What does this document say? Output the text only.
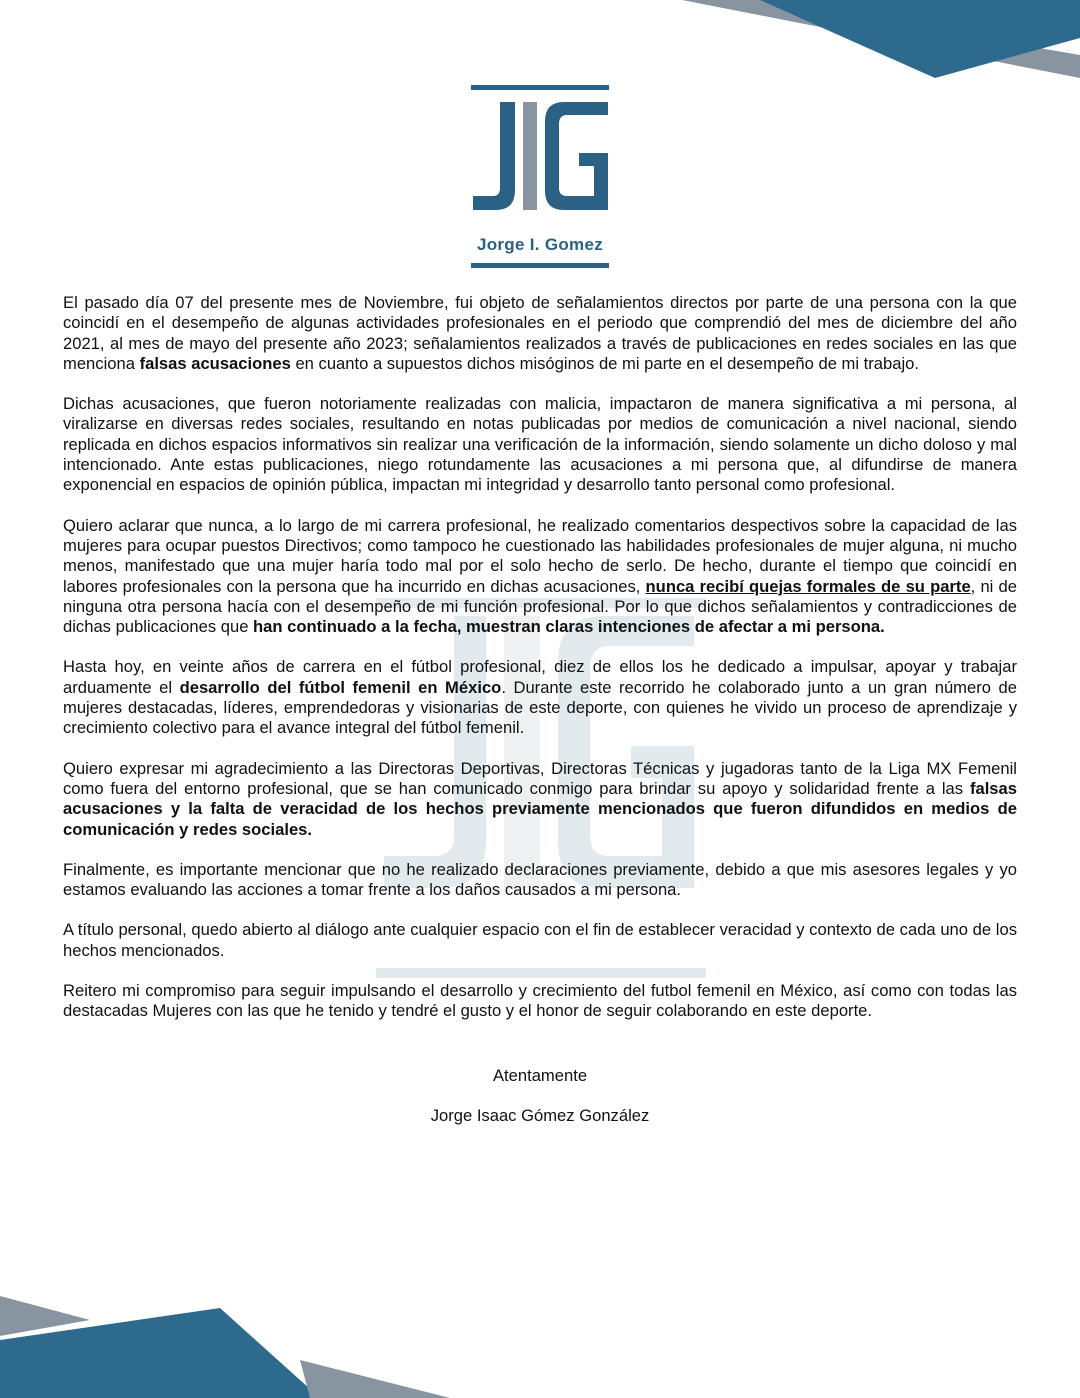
Jorge I. Gomez

El pasado día 07 del presente mes de Noviembre, fui objeto de señalamientos directos por parte de una persona con la que coincidí en el desempeño de algunas actividades profesionales en el periodo que comprendió del mes de diciembre del año 2021, al mes de mayo del presente año 2023; señalamientos realizados a través de publicaciones en redes sociales en las que menciona falsas acusaciones en cuanto a supuestos dichos misóginos de mi parte en el desempeño de mi trabajo.

Dichas acusaciones, que fueron notoriamente realizadas con malicia, impactaron de manera significativa a mi persona, al viralizarse en diversas redes sociales, resultando en notas publicadas por medios de comunicación a nivel nacional, siendo replicada en dichos espacios informativos sin realizar una verificación de la información, siendo solamente un dicho doloso y mal intencionado. Ante estas publicaciones, niego rotundamente las acusaciones a mi persona que, al difundirse de manera exponencial en espacios de opinión pública, impactan mi integridad y desarrollo tanto personal como profesional.

Quiero aclarar que nunca, a lo largo de mi carrera profesional, he realizado comentarios despectivos sobre la capacidad de las mujeres para ocupar puestos Directivos; como tampoco he cuestionado las habilidades profesionales de mujer alguna, ni mucho menos, manifestado que una mujer haría todo mal por el solo hecho de serlo. De hecho, durante el tiempo que coincidí en labores profesionales con la persona que ha incurrido en dichas acusaciones, nunca recibí quejas formales de su parte, ni de ninguna otra persona hacía con el desempeño de mi función profesional. Por lo que dichos señalamientos y contradicciones de dichas publicaciones que han continuado a la fecha, muestran claras intenciones de afectar a mi persona.

Hasta hoy, en veinte años de carrera en el fútbol profesional, diez de ellos los he dedicado a impulsar, apoyar y trabajar arduamente el desarrollo del fútbol femenil en México. Durante este recorrido he colaborado junto a un gran número de mujeres destacadas, líderes, emprendedoras y visionarias de este deporte, con quienes he vivido un proceso de aprendizaje y crecimiento colectivo para el avance integral del fútbol femenil.

Quiero expresar mi agradecimiento a las Directoras Deportivas, Directoras Técnicas y jugadoras tanto de la Liga MX Femenil como fuera del entorno profesional, que se han comunicado conmigo para brindar su apoyo y solidaridad frente a las falsas acusaciones y la falta de veracidad de los hechos previamente mencionados que fueron difundidos en medios de comunicación y redes sociales.

Finalmente, es importante mencionar que no he realizado declaraciones previamente, debido a que mis asesores legales y yo estamos evaluando las acciones a tomar frente a los daños causados a mi persona.

A título personal, quedo abierto al diálogo ante cualquier espacio con el fin de establecer veracidad y contexto de cada uno de los hechos mencionados.

Reitero mi compromiso para seguir impulsando el desarrollo y crecimiento del futbol femenil en México, así como con todas las destacadas Mujeres con las que he tenido y tendré el gusto y el honor de seguir colaborando en este deporte.

Atentamente
Jorge Isaac Gómez González
